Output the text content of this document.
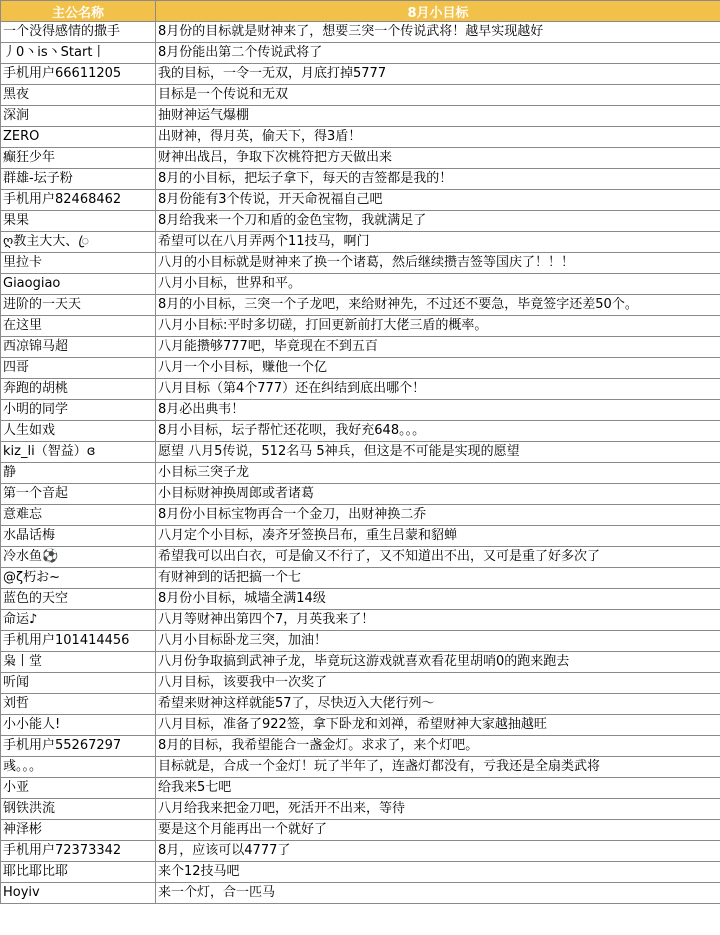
主公名称	8月小目标
一个没得感情的撒手	8月份的目标就是财神来了，想要三突一个传说武将！越早实现越好
丿0丶is丶Start丨	8月份能出第二个传说武将了
手机用户66611205	我的目标，一令一无双，月底打掉5777
黑夜	目标是一个传说和无双
深涧	抽财神运气爆棚
ZERO	出财神，得月英，偷天下，得3盾！
癫狂少年	财神出战吕，争取下次桃符把方天做出来
群雄-坛子粉	8月的小目标，把坛子拿下，每天的吉签都是我的！
手机用户82468462	8月份能有3个传说，开天命祝福自己吧
果果	8月给我来一个刀和盾的金色宝物，我就满足了
ღ教主大大、ꦿ	希望可以在八月弄两个11技马，啊门
里拉卡	八月的小目标就是财神来了换一个诸葛，然后继续攒吉签等国庆了！！！
Giaogiao	八月小目标，世界和平。
进阶的一天天	8月的小目标，三突一个子龙吧，来给财神先，不过还不要急，毕竟签字还差50个。
在这里	八月小目标:平时多切磋，打回更新前打大佬三盾的概率。
西凉锦马超	八月能攒够777吧，毕竟现在不到五百
四哥	八月一个小目标，赚他一个亿
奔跑的胡桃	八月目标（第4个777）还在纠结到底出哪个！
小明的同学	8月必出典韦！
人生如戏	8月小目标，坛子帮忙还花呗，我好充648。。。
kiz_li（智益）ɞ	愿望 八月5传说，512名马 5神兵，但这是不可能是实现的愿望
静	小目标三突子龙
第一个音起	小目标财神换周郎或者诸葛
意难忘	8月份小目标宝物再合一个金刀，出财神换二乔
水晶话梅	八月定个小目标，凑齐牙签换吕布，重生吕蒙和貂蝉
冷水鱼⚽	希望我可以出白衣，可是偷又不行了，又不知道出不出，又可是重了好多次了
@ζ朽お~	有财神到的话把搞一个七
蓝色的天空	8月份小目标，城墙全满14级
命运♪	八月等财神出第四个7，月英我来了！
手机用户101414456	八月小目标卧龙三突，加油！
枭丨堂	八月份争取搞到武神子龙，毕竟玩这游戏就喜欢看花里胡哨0的跑来跑去
听闻	八月目标，该要我中一次奖了
刘哲	希望来财神这样就能57了，尽快迈入大佬行列～
小小能人!	八月目标，准备了922签，拿下卧龙和刘禅，希望财神大家越抽越旺
手机用户55267297	8月的目标，我希望能合一盏金灯。求求了，来个灯吧。
彧。。。	目标就是，合成一个金灯！玩了半年了，连盏灯都没有，亏我还是全扇类武将
小亚	给我来5七吧
钢铁洪流	八月给我来把金刀吧，死活开不出来，等待
神泽彬	要是这个月能再出一个就好了
手机用户72373342	8月，应该可以4777了
耶比耶比耶	来个12技马吧
Hoyiv	来一个灯，合一匹马
